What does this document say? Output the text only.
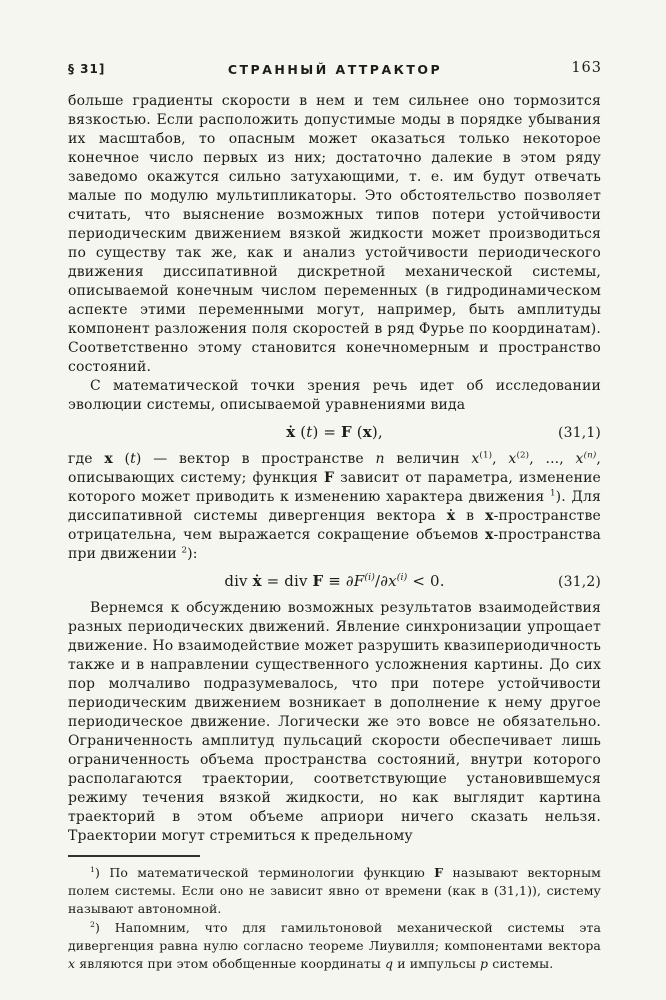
§ 31]	СТРАННЫЙ АТТРАКТОР	163

больше градиенты скорости в нем и тем сильнее оно тормозится вязкостью. Если расположить допустимые моды в порядке убывания их масштабов, то опасным может оказаться только некоторое конечное число первых из них; достаточно далекие в этом ряду заведомо окажутся сильно затухающими, т. е. им будут отвечать малые по модулю мультипликаторы. Это обстоятельство позволяет считать, что выяснение возможных типов потери устойчивости периодическим движением вязкой жидкости может производиться по существу так же, как и анализ устойчивости периодического движения диссипативной дискретной механической системы, описываемой конечным числом переменных (в гидродинамическом аспекте этими переменными могут, например, быть амплитуды компонент разложения поля скоростей в ряд Фурье по координатам). Соответственно этому становится конечномерным и пространство состояний.

С математической точки зрения речь идет об исследовании эволюции системы, описываемой уравнениями вида

ẋ (t) = F (x),	(31,1)

где x (t) — вектор в пространстве n величин $x^{(1)}$, $x^{(2)}$, ..., $x^{(n)}$, описывающих систему; функция F зависит от параметра, изменение которого может приводить к изменению характера движения $^1$). Для диссипативной системы дивергенция вектора ẋ в x-пространстве отрицательна, чем выражается сокращение объемов x-пространства при движении $^2$):

div ẋ = div $F \equiv \partial F^{(i)}/\partial x^{(i)} < 0$.	(31,2)

Вернемся к обсуждению возможных результатов взаимодействия разных периодических движений. Явление синхронизации упрощает движение. Но взаимодействие может разрушить квазипериодичность также и в направлении существенного усложнения картины. До сих пор молчаливо подразумевалось, что при потере устойчивости периодическим движением возникает в дополнение к нему другое периодическое движение. Логически же это вовсе не обязательно. Ограниченность амплитуд пульсаций скорости обеспечивает лишь ограниченность объема пространства состояний, внутри которого располагаются траектории, соответствующие установившемуся режиму течения вязкой жидкости, но как выглядит картина траекторий в этом объеме априори ничего сказать нельзя. Траектории могут стремиться к предельному

$^1$) По математической терминологии функцию F называют векторным полем системы. Если оно не зависит явно от времени (как в (31,1)), систему называют автономной.

$^2$) Напомним, что для гамильтоновой механической системы эта дивергенция равна нулю согласно теореме Лиувилля; компонентами вектора x являются при этом обобщенные координаты q и импульсы p системы.
